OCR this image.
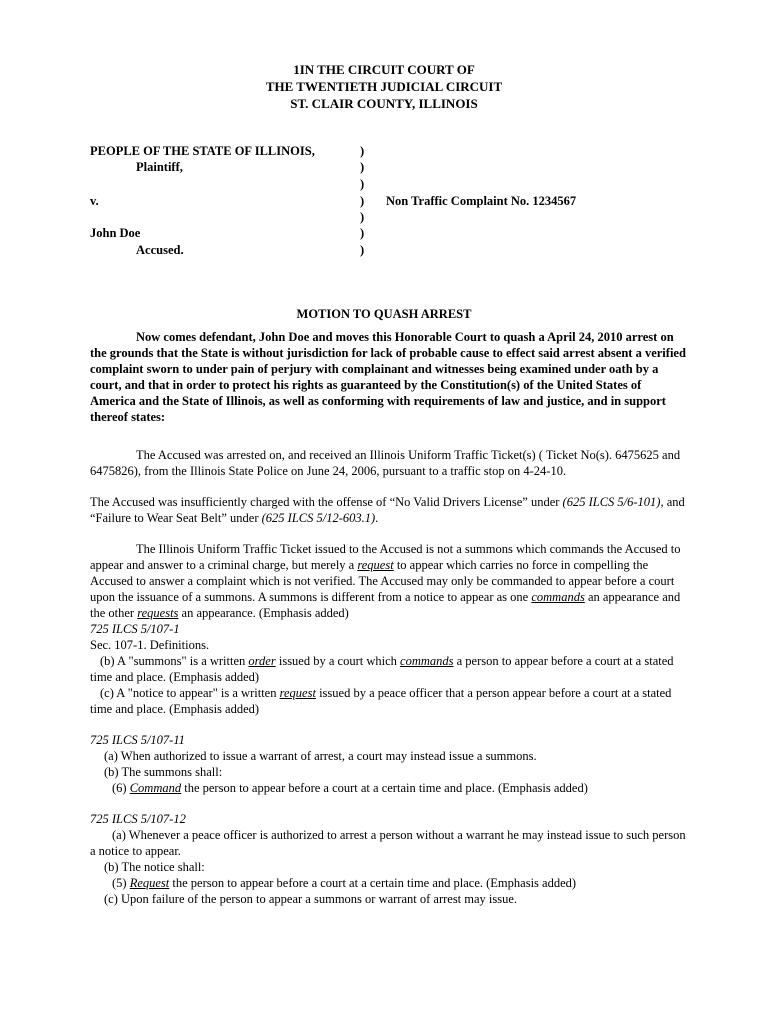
1IN THE CIRCUIT COURT OF
THE TWENTIETH JUDICIAL CIRCUIT
ST. CLAIR COUNTY, ILLINOIS
PEOPLE OF THE STATE OF ILLINOIS,
Plaintiff,
v.
John Doe
Accused.
)
)
)
)
)
)
)
Non Traffic Complaint No. 1234567
MOTION TO QUASH ARREST

Now comes defendant, John Doe and moves this Honorable Court to quash a April 24, 2010 arrest on the grounds that the State is without jurisdiction for lack of probable cause to effect said arrest absent a verified complaint sworn to under pain of perjury with complainant and witnesses being examined under oath by a court, and that in order to protect his rights as guaranteed by the Constitution(s) of the United States of America and the State of Illinois, as well as conforming with requirements of law and justice, and in support thereof states:

The Accused was arrested on, and received an Illinois Uniform Traffic Ticket(s) ( Ticket No(s). 6475625 and 6475826), from the Illinois State Police on June 24, 2006, pursuant to a traffic stop on 4-24-10.

The Accused was insufficiently charged with the offense of “No Valid Drivers License” under (625 ILCS 5/6-101), and “Failure to Wear Seat Belt” under (625 ILCS 5/12-603.1).

The Illinois Uniform Traffic Ticket issued to the Accused is not a summons which commands the Accused to appear and answer to a criminal charge, but merely a request to appear which carries no force in compelling the Accused to answer a complaint which is not verified. The Accused may only be commanded to appear before a court upon the issuance of a summons. A summons is different from a notice to appear as one commands an appearance and the other requests an appearance. (Emphasis added)

725 ILCS 5/107-1

Sec. 107-1. Definitions.

(b) A "summons" is a written order issued by a court which commands a person to appear before a court at a stated time and place. (Emphasis added)

(c) A "notice to appear" is a written request issued by a peace officer that a person appear before a court at a stated time and place. (Emphasis added)

725 ILCS 5/107-11

(a) When authorized to issue a warrant of arrest, a court may instead issue a summons.

(b) The summons shall:

(6) Command the person to appear before a court at a certain time and place. (Emphasis added)

725 ILCS 5/107-12

(a) Whenever a peace officer is authorized to arrest a person without a warrant he may instead issue to such person a notice to appear.

(b) The notice shall:

(5) Request the person to appear before a court at a certain time and place. (Emphasis added)

(c) Upon failure of the person to appear a summons or warrant of arrest may issue.
